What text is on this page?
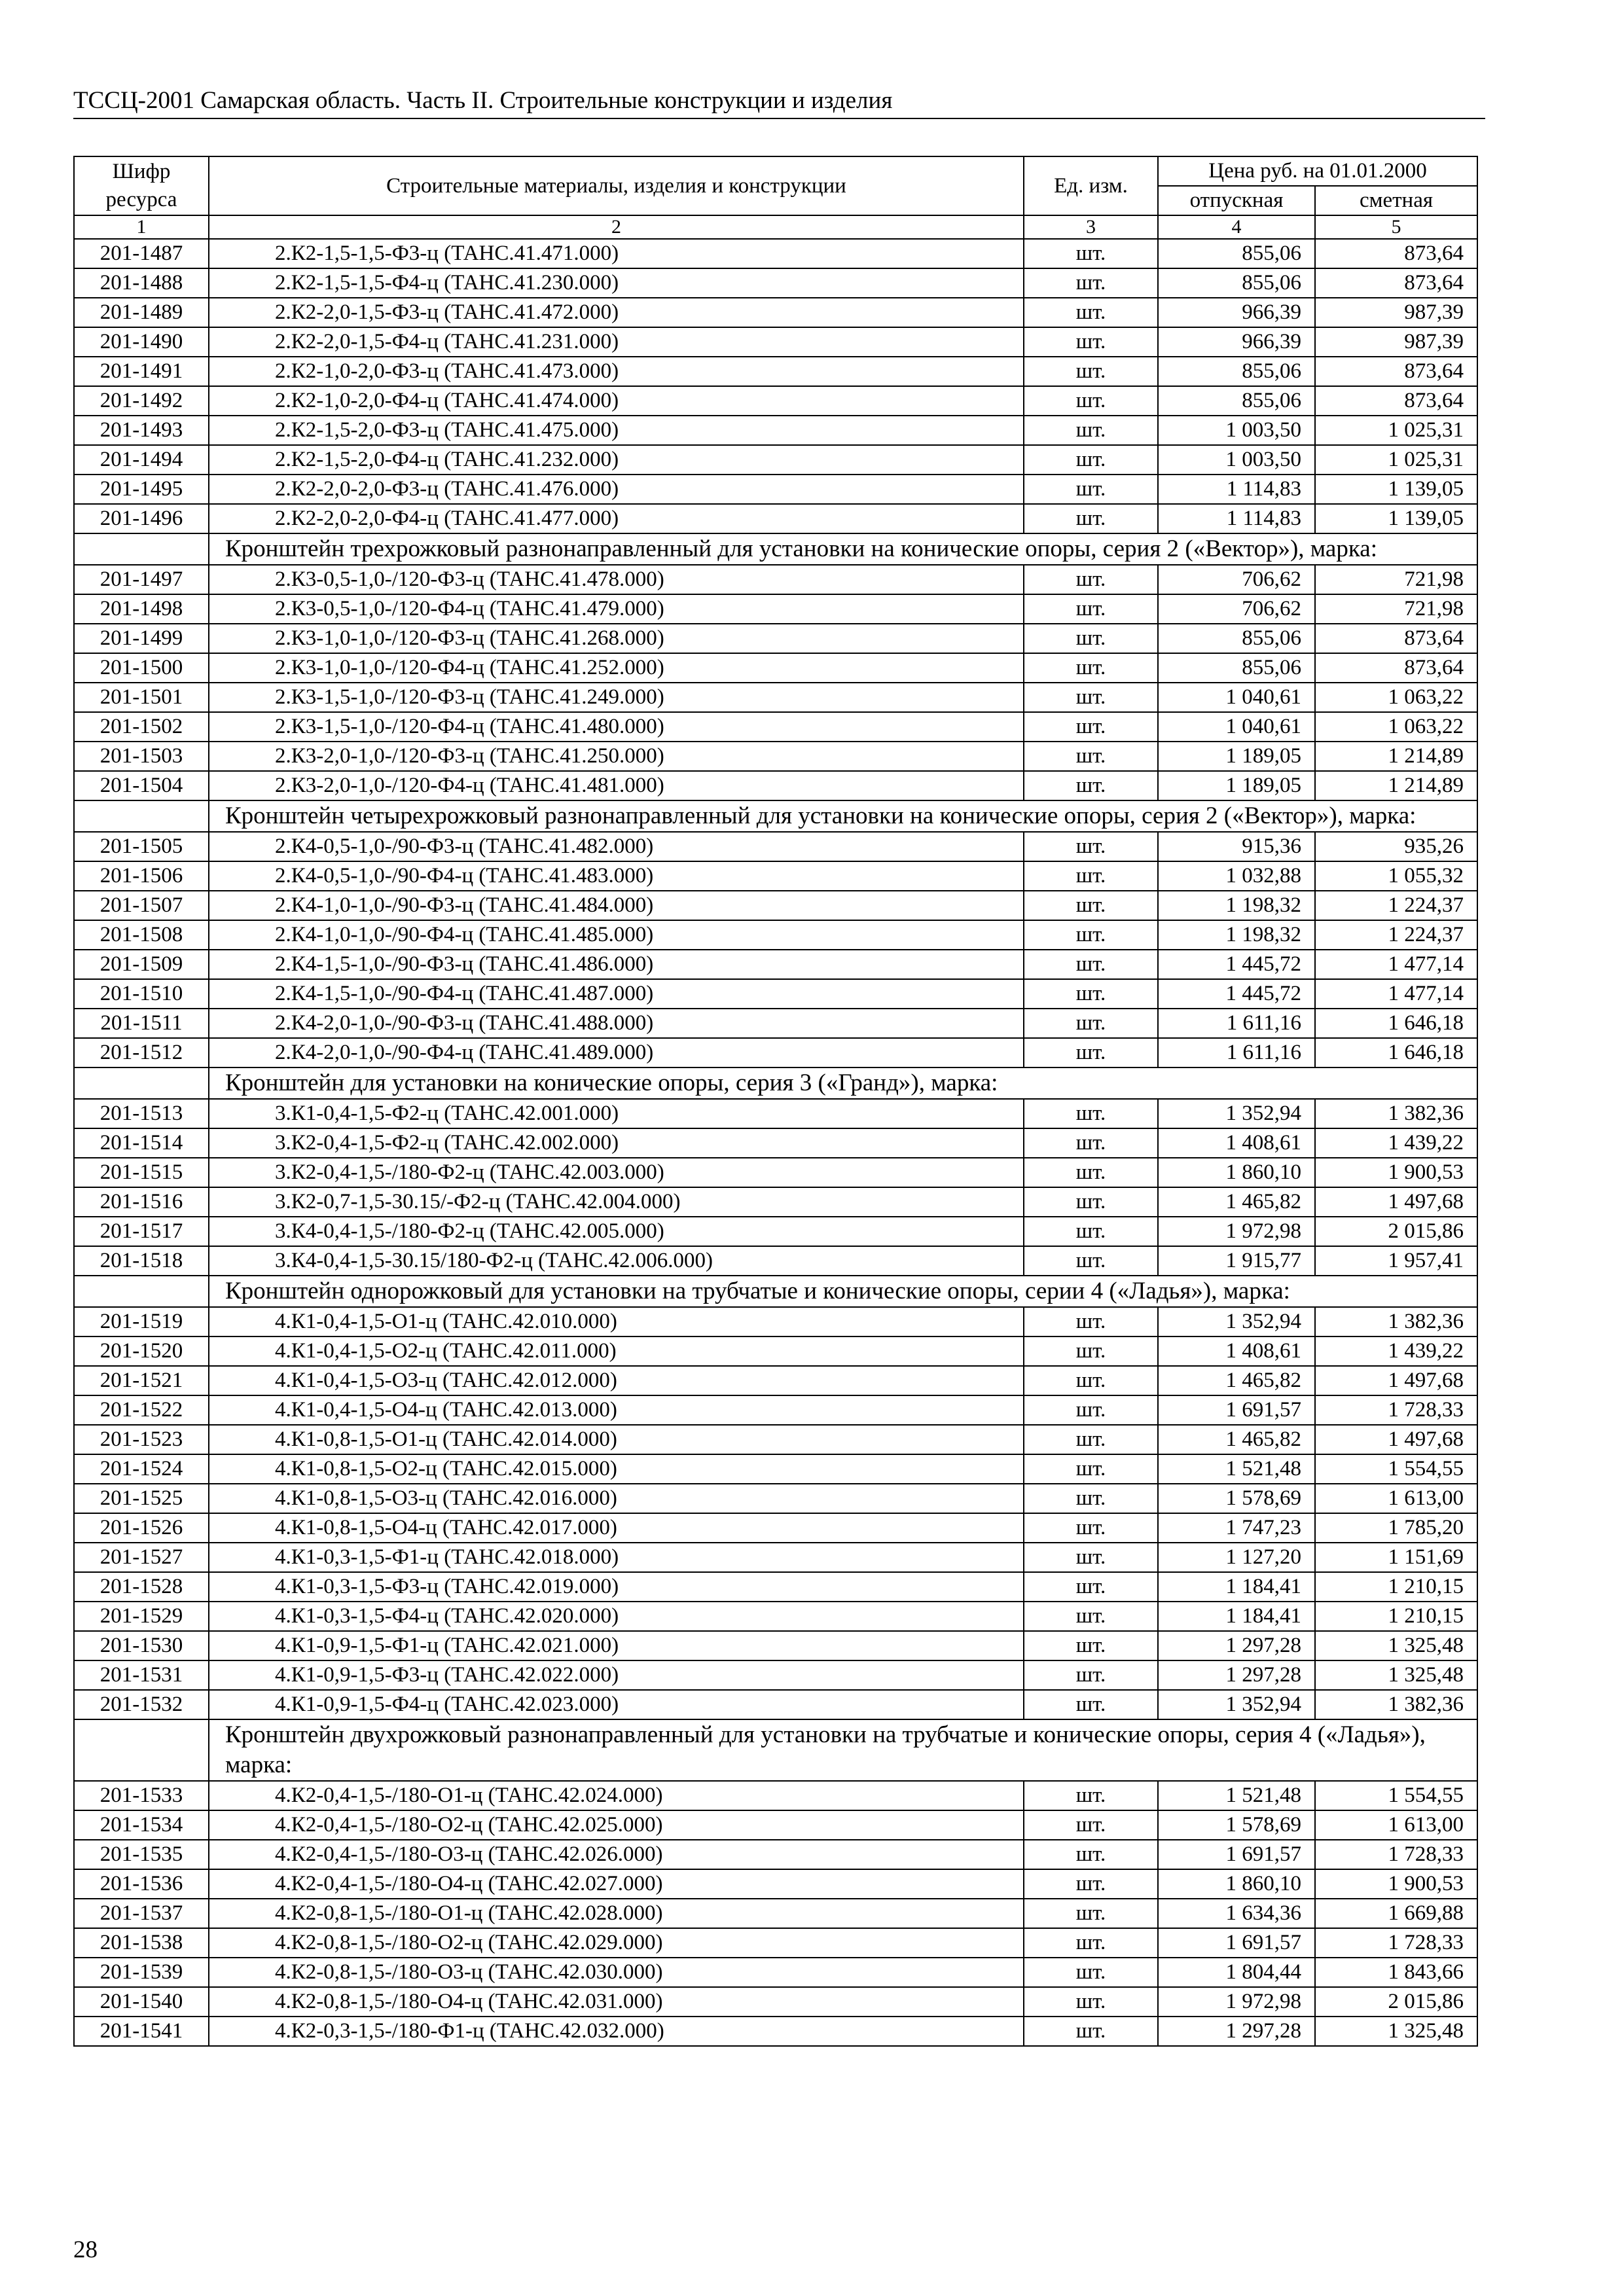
ТССЦ-2001 Самарская область. Часть II. Строительные конструкции и изделия
Шифр ресурса	Строительные материалы, изделия и конструкции	Ед. изм.	Цена руб. на 01.01.2000	
			отпускная	сметная
1	2	3	4	5
201-1487	2.К2-1,5-1,5-Ф3-ц (ТАНС.41.471.000)	шт.	855,06	873,64
201-1488	2.К2-1,5-1,5-Ф4-ц (ТАНС.41.230.000)	шт.	855,06	873,64
201-1489	2.К2-2,0-1,5-Ф3-ц (ТАНС.41.472.000)	шт.	966,39	987,39
201-1490	2.К2-2,0-1,5-Ф4-ц (ТАНС.41.231.000)	шт.	966,39	987,39
201-1491	2.К2-1,0-2,0-Ф3-ц (ТАНС.41.473.000)	шт.	855,06	873,64
201-1492	2.К2-1,0-2,0-Ф4-ц (ТАНС.41.474.000)	шт.	855,06	873,64
201-1493	2.К2-1,5-2,0-Ф3-ц (ТАНС.41.475.000)	шт.	1 003,50	1 025,31
201-1494	2.К2-1,5-2,0-Ф4-ц (ТАНС.41.232.000)	шт.	1 003,50	1 025,31
201-1495	2.К2-2,0-2,0-Ф3-ц (ТАНС.41.476.000)	шт.	1 114,83	1 139,05
201-1496	2.К2-2,0-2,0-Ф4-ц (ТАНС.41.477.000)	шт.	1 114,83	1 139,05
	Кронштейн трехрожковый разнонаправленный для установки на конические опоры, серия 2 («Вектор»), марка:			
201-1497	2.К3-0,5-1,0-/120-Ф3-ц (ТАНС.41.478.000)	шт.	706,62	721,98
201-1498	2.К3-0,5-1,0-/120-Ф4-ц (ТАНС.41.479.000)	шт.	706,62	721,98
201-1499	2.К3-1,0-1,0-/120-Ф3-ц (ТАНС.41.268.000)	шт.	855,06	873,64
201-1500	2.К3-1,0-1,0-/120-Ф4-ц (ТАНС.41.252.000)	шт.	855,06	873,64
201-1501	2.К3-1,5-1,0-/120-Ф3-ц (ТАНС.41.249.000)	шт.	1 040,61	1 063,22
201-1502	2.К3-1,5-1,0-/120-Ф4-ц (ТАНС.41.480.000)	шт.	1 040,61	1 063,22
201-1503	2.К3-2,0-1,0-/120-Ф3-ц (ТАНС.41.250.000)	шт.	1 189,05	1 214,89
201-1504	2.К3-2,0-1,0-/120-Ф4-ц (ТАНС.41.481.000)	шт.	1 189,05	1 214,89
	Кронштейн четырехрожковый разнонаправленный для установки на конические опоры, серия 2 («Вектор»), марка:			
201-1505	2.К4-0,5-1,0-/90-Ф3-ц (ТАНС.41.482.000)	шт.	915,36	935,26
201-1506	2.К4-0,5-1,0-/90-Ф4-ц (ТАНС.41.483.000)	шт.	1 032,88	1 055,32
201-1507	2.К4-1,0-1,0-/90-Ф3-ц (ТАНС.41.484.000)	шт.	1 198,32	1 224,37
201-1508	2.К4-1,0-1,0-/90-Ф4-ц (ТАНС.41.485.000)	шт.	1 198,32	1 224,37
201-1509	2.К4-1,5-1,0-/90-Ф3-ц (ТАНС.41.486.000)	шт.	1 445,72	1 477,14
201-1510	2.К4-1,5-1,0-/90-Ф4-ц (ТАНС.41.487.000)	шт.	1 445,72	1 477,14
201-1511	2.К4-2,0-1,0-/90-Ф3-ц (ТАНС.41.488.000)	шт.	1 611,16	1 646,18
201-1512	2.К4-2,0-1,0-/90-Ф4-ц (ТАНС.41.489.000)	шт.	1 611,16	1 646,18
	Кронштейн для установки на конические опоры, серия 3 («Гранд»), марка:			
201-1513	3.К1-0,4-1,5-Ф2-ц (ТАНС.42.001.000)	шт.	1 352,94	1 382,36
201-1514	3.К2-0,4-1,5-Ф2-ц (ТАНС.42.002.000)	шт.	1 408,61	1 439,22
201-1515	3.К2-0,4-1,5-/180-Ф2-ц (ТАНС.42.003.000)	шт.	1 860,10	1 900,53
201-1516	3.К2-0,7-1,5-30.15/-Ф2-ц (ТАНС.42.004.000)	шт.	1 465,82	1 497,68
201-1517	3.К4-0,4-1,5-/180-Ф2-ц (ТАНС.42.005.000)	шт.	1 972,98	2 015,86
201-1518	3.К4-0,4-1,5-30.15/180-Ф2-ц (ТАНС.42.006.000)	шт.	1 915,77	1 957,41
	Кронштейн однорожковый для установки на трубчатые и конические опоры, серии 4 («Ладья»), марка:			
201-1519	4.К1-0,4-1,5-О1-ц (ТАНС.42.010.000)	шт.	1 352,94	1 382,36
201-1520	4.К1-0,4-1,5-О2-ц (ТАНС.42.011.000)	шт.	1 408,61	1 439,22
201-1521	4.К1-0,4-1,5-О3-ц (ТАНС.42.012.000)	шт.	1 465,82	1 497,68
201-1522	4.К1-0,4-1,5-О4-ц (ТАНС.42.013.000)	шт.	1 691,57	1 728,33
201-1523	4.К1-0,8-1,5-О1-ц (ТАНС.42.014.000)	шт.	1 465,82	1 497,68
201-1524	4.К1-0,8-1,5-О2-ц (ТАНС.42.015.000)	шт.	1 521,48	1 554,55
201-1525	4.К1-0,8-1,5-О3-ц (ТАНС.42.016.000)	шт.	1 578,69	1 613,00
201-1526	4.К1-0,8-1,5-О4-ц (ТАНС.42.017.000)	шт.	1 747,23	1 785,20
201-1527	4.К1-0,3-1,5-Ф1-ц (ТАНС.42.018.000)	шт.	1 127,20	1 151,69
201-1528	4.К1-0,3-1,5-Ф3-ц (ТАНС.42.019.000)	шт.	1 184,41	1 210,15
201-1529	4.К1-0,3-1,5-Ф4-ц (ТАНС.42.020.000)	шт.	1 184,41	1 210,15
201-1530	4.К1-0,9-1,5-Ф1-ц (ТАНС.42.021.000)	шт.	1 297,28	1 325,48
201-1531	4.К1-0,9-1,5-Ф3-ц (ТАНС.42.022.000)	шт.	1 297,28	1 325,48
201-1532	4.К1-0,9-1,5-Ф4-ц (ТАНС.42.023.000)	шт.	1 352,94	1 382,36
	Кронштейн двухрожковый разнонаправленный для установки на трубчатые и конические опоры, серия 4 («Ладья»), марка:			
201-1533	4.К2-0,4-1,5-/180-О1-ц (ТАНС.42.024.000)	шт.	1 521,48	1 554,55
201-1534	4.К2-0,4-1,5-/180-О2-ц (ТАНС.42.025.000)	шт.	1 578,69	1 613,00
201-1535	4.К2-0,4-1,5-/180-О3-ц (ТАНС.42.026.000)	шт.	1 691,57	1 728,33
201-1536	4.К2-0,4-1,5-/180-О4-ц (ТАНС.42.027.000)	шт.	1 860,10	1 900,53
201-1537	4.К2-0,8-1,5-/180-О1-ц (ТАНС.42.028.000)	шт.	1 634,36	1 669,88
201-1538	4.К2-0,8-1,5-/180-О2-ц (ТАНС.42.029.000)	шт.	1 691,57	1 728,33
201-1539	4.К2-0,8-1,5-/180-О3-ц (ТАНС.42.030.000)	шт.	1 804,44	1 843,66
201-1540	4.К2-0,8-1,5-/180-О4-ц (ТАНС.42.031.000)	шт.	1 972,98	2 015,86
201-1541	4.К2-0,3-1,5-/180-Ф1-ц (ТАНС.42.032.000)	шт.	1 297,28	1 325,48
28
